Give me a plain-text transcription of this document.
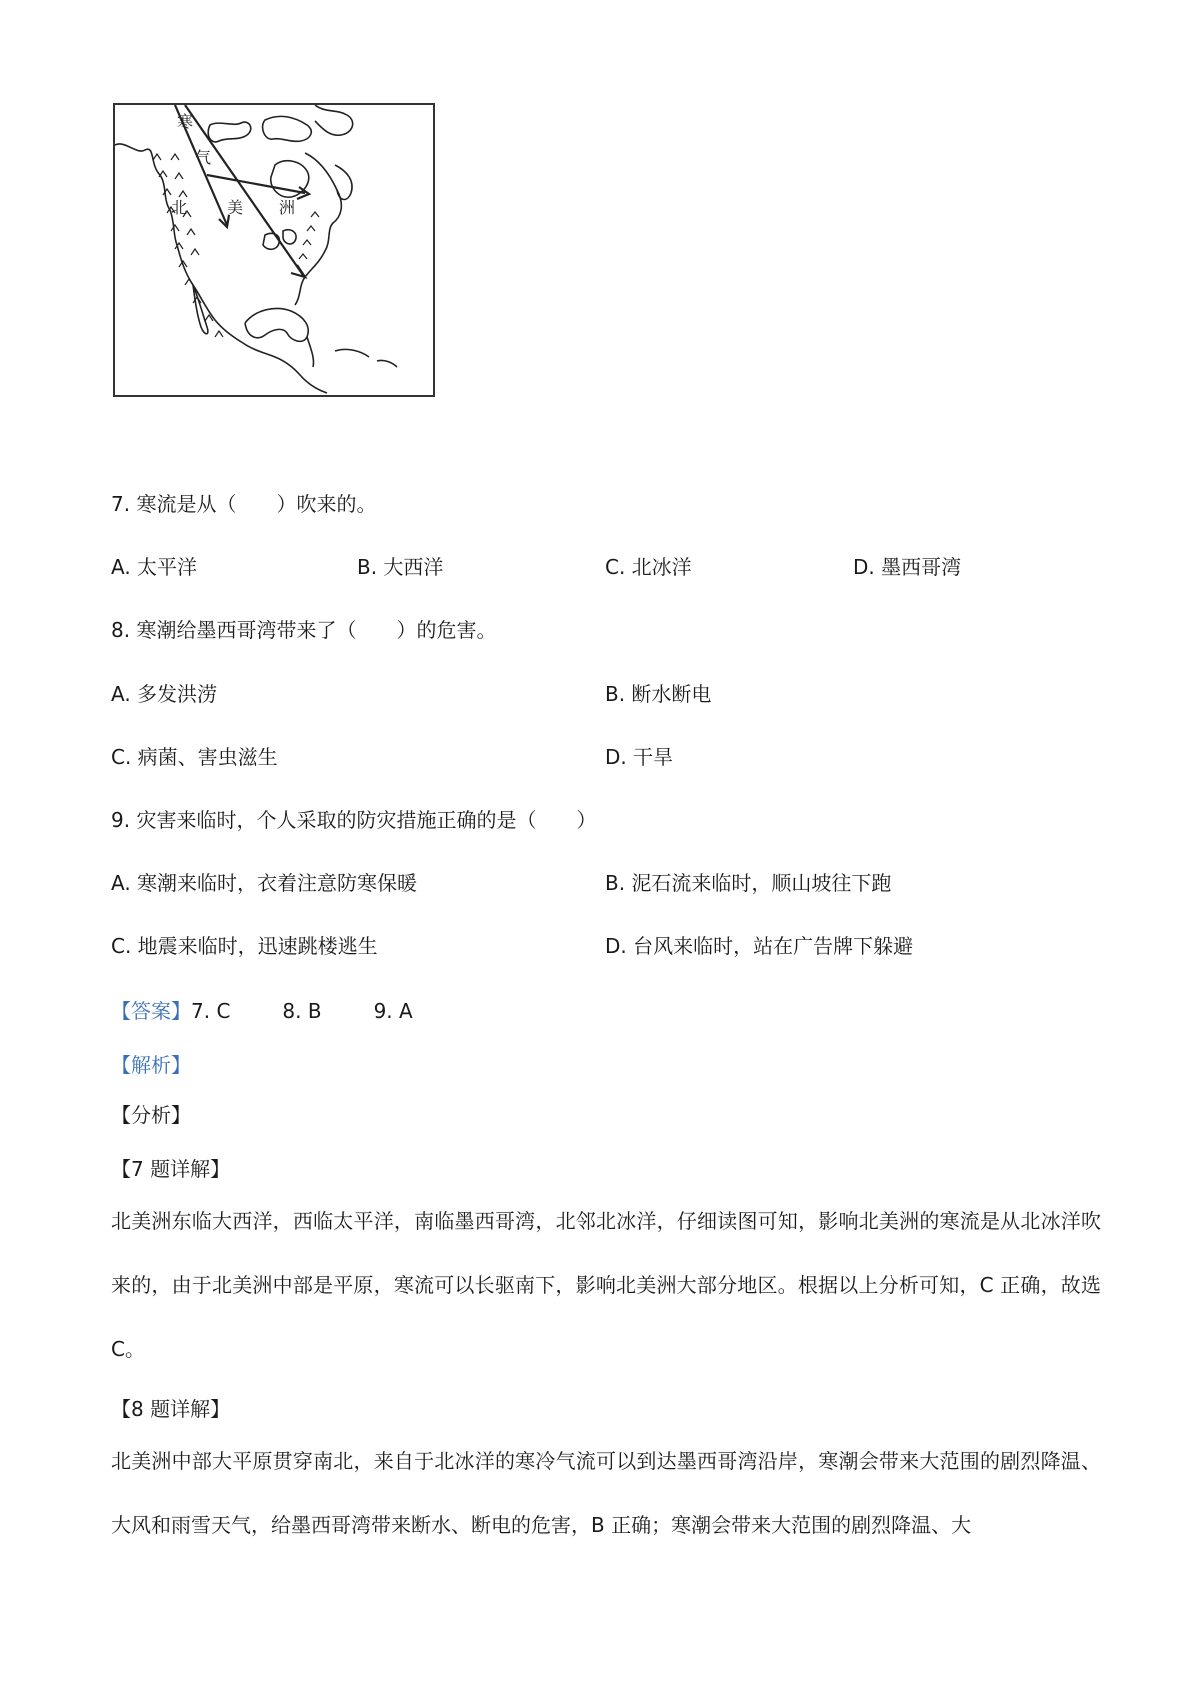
寒
气
北 美 洲
7. 寒流是从（　　）吹来的。
A. 太平洋	B. 大西洋	C. 北冰洋	D. 墨西哥湾
8. 寒潮给墨西哥湾带来了（　　）的危害。
A. 多发洪涝	B. 断水断电
C. 病菌、害虫滋生	D. 干旱
9. 灾害来临时，个人采取的防灾措施正确的是（　　）
A. 寒潮来临时，衣着注意防寒保暖	B. 泥石流来临时，顺山坡往下跑
C. 地震来临时，迅速跳楼逃生	D. 台风来临时，站在广告牌下躲避
【答案】7. C	8. B	9. A
【解析】
【分析】
【7 题详解】

北美洲东临大西洋，西临太平洋，南临墨西哥湾，北邻北冰洋，仔细读图可知，影响北美洲的寒流是从北冰洋吹来的，由于北美洲中部是平原，寒流可以长驱南下，影响北美洲大部分地区。根据以上分析可知，C 正确，故选 C。

【8 题详解】

北美洲中部大平原贯穿南北，来自于北冰洋的寒冷气流可以到达墨西哥湾沿岸，寒潮会带来大范围的剧烈降温、大风和雨雪天气，给墨西哥湾带来断水、断电的危害，B 正确；寒潮会带来大范围的剧烈降温、大
